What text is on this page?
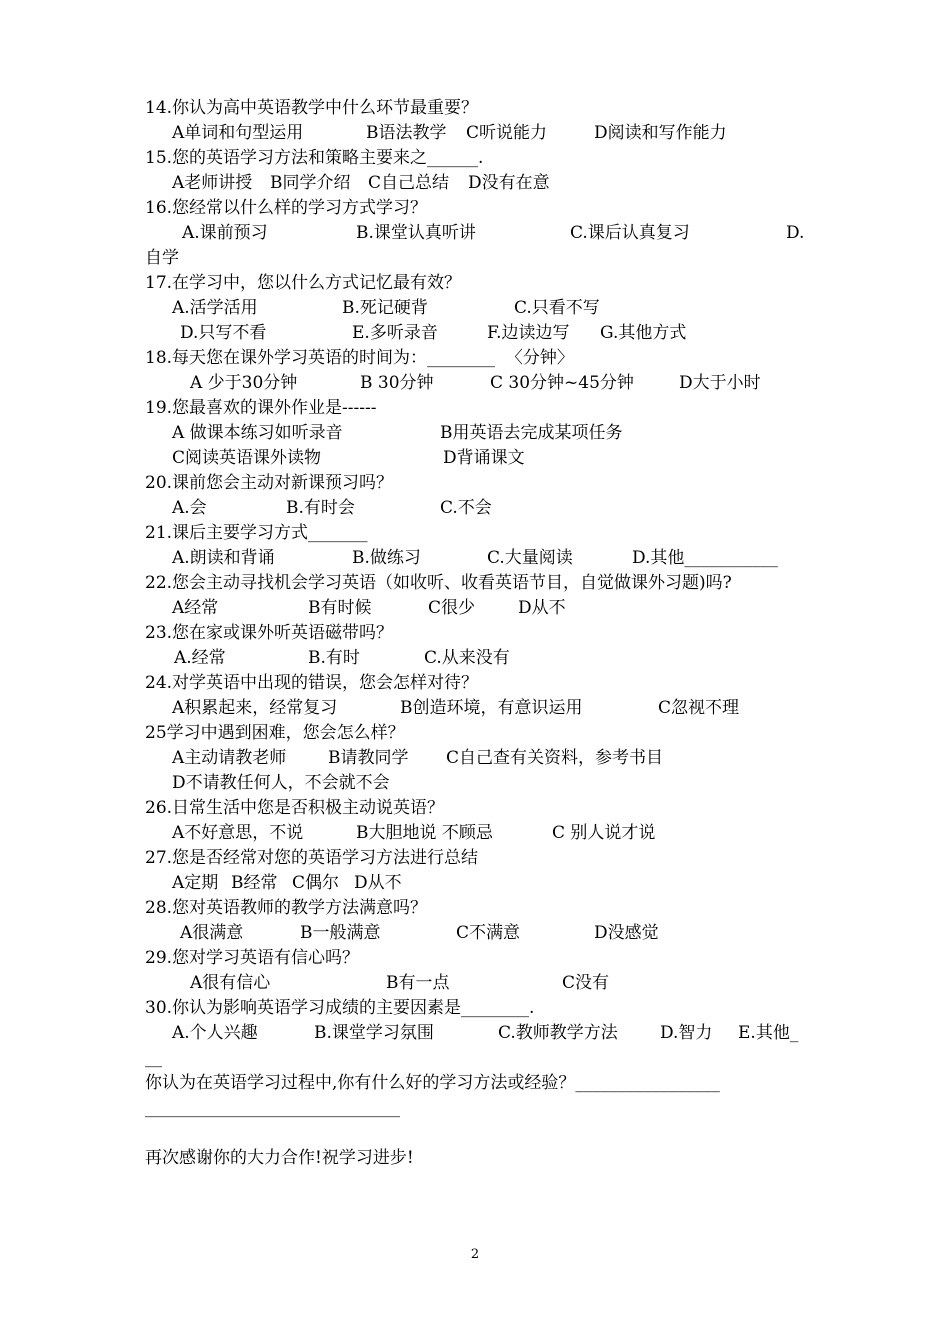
14.你认为高中英语教学中什么环节最重要？
A单词和句型运用	B语法教学 C听说能力	D阅读和写作能力
15.您的英语学习方法和策略主要来之______.
A老师讲授 B同学介绍 C自己总结 D没有在意
16.您经常以什么样的学习方式学习？
A.课前预习	B.课堂认真听讲	C.课后认真复习	D.
自学
17.在学习中，您以什么方式记忆最有效？
A.活学活用	B.死记硬背	C.只看不写
D.只写不看	E.多听录音	F.边读边写 G.其他方式
18.每天您在课外学习英语的时间为：________  〈分钟〉
A 少于30分钟	B 30分钟	C 30分钟~45分钟	D大于小时
19.您最喜欢的课外作业是------
A 做课本练习如听录音	B用英语去完成某项任务
C阅读英语课外读物	D背诵课文
20.课前您会主动对新课预习吗？
A.会	B.有时会	C.不会
21.课后主要学习方式_______
A.朗读和背诵	B.做练习	C.大量阅读	D.其他___________
22.您会主动寻找机会学习英语（如收听、收看英语节目，自觉做课外习题)吗?
A经常	B有时候	C很少	D从不
23.您在家或课外听英语磁带吗？
A.经常	B.有时	C.从来没有
24.对学英语中出现的错误，您会怎样对待？
A积累起来，经常复习	B创造环境，有意识运用	C忽视不理
25学习中遇到困难，您会怎么样？
A主动请教老师 B请教同学 C自己查有关资料，参考书目
D不请教任何人，不会就不会
26.日常生活中您是否积极主动说英语？
A不好意思，不说	B大胆地说 不顾忌	C 别人说才说
27.您是否经常对您的英语学习方法进行总结
A定期 B经常 C偶尔 D从不
28.您对英语教师的教学方法满意吗？
A很满意	B一般满意	C不满意	D没感觉
29.您对学习英语有信心吗？
A很有信心	B有一点	C没有
30.你认为影响英语学习成绩的主要因素是________.
A.个人兴趣	B.课堂学习氛围	C.教师教学方法 D.智力 E.其他_
__
你认为在英语学习过程中,你有什么好的学习方法或经验？_________________
______________________________
再次感谢你的大力合作!祝学习进步!
2
